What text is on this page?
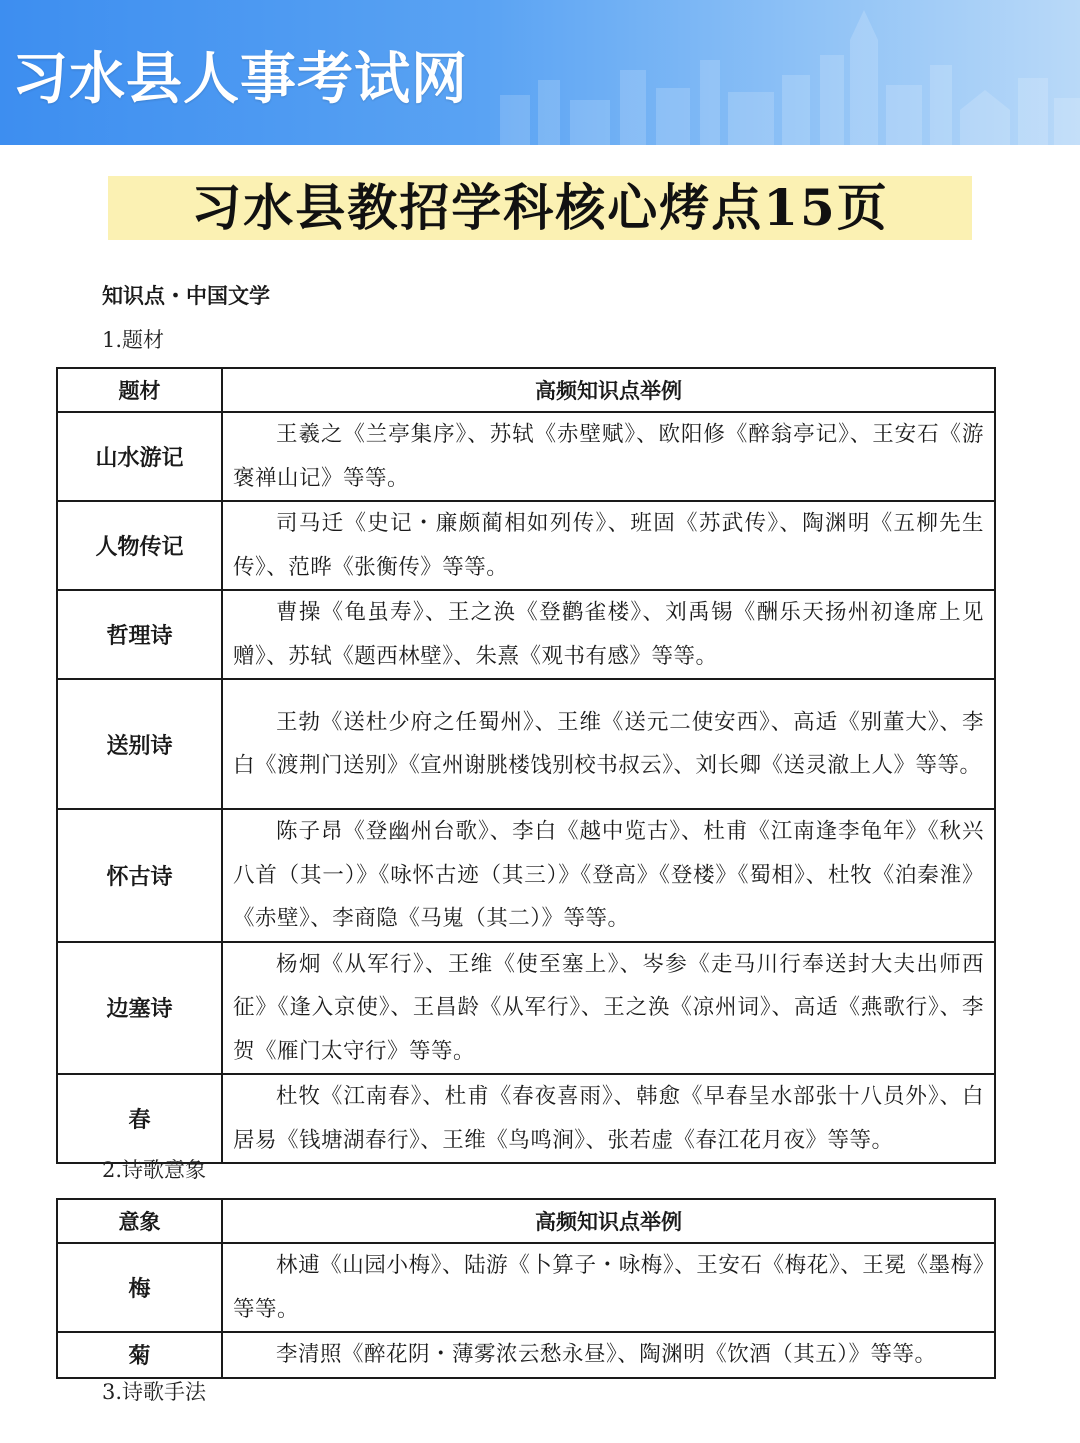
习水县人事考试网
习水县教招学科核心烤点15页
知识点・中国文学
1.题材
题材	高频知识点举例
山水游记	王羲之《兰亭集序》、苏轼《赤壁赋》、欧阳修《醉翁亭记》、王安石《游褒禅山记》等等。
人物传记	司马迁《史记・廉颇蔺相如列传》、班固《苏武传》、陶渊明《五柳先生传》、范晔《张衡传》等等。
哲理诗	曹操《龟虽寿》、王之涣《登鹳雀楼》、刘禹锡《酬乐天扬州初逢席上见赠》、苏轼《题西林壁》、朱熹《观书有感》等等。
送别诗	王勃《送杜少府之任蜀州》、王维《送元二使安西》、高适《别董大》、李白《渡荆门送别》《宣州谢朓楼饯别校书叔云》、刘长卿《送灵澈上人》等等。
怀古诗	陈子昂《登幽州台歌》、李白《越中览古》、杜甫《江南逢李龟年》《秋兴八首（其一）》《咏怀古迹（其三）》《登高》《登楼》《蜀相》、杜牧《泊秦淮》《赤壁》、李商隐《马嵬（其二）》等等。
边塞诗	杨炯《从军行》、王维《使至塞上》、岑参《走马川行奉送封大夫出师西征》《逢入京使》、王昌龄《从军行》、王之涣《凉州词》、高适《燕歌行》、李贺《雁门太守行》等等。
春	杜牧《江南春》、杜甫《春夜喜雨》、韩愈《早春呈水部张十八员外》、白居易《钱塘湖春行》、王维《鸟鸣涧》、张若虚《春江花月夜》等等。
2.诗歌意象
意象	高频知识点举例
梅	林逋《山园小梅》、陆游《卜算子・咏梅》、王安石《梅花》、王冕《墨梅》等等。
菊	李清照《醉花阴・薄雾浓云愁永昼》、陶渊明《饮酒（其五）》等等。
3.诗歌手法
